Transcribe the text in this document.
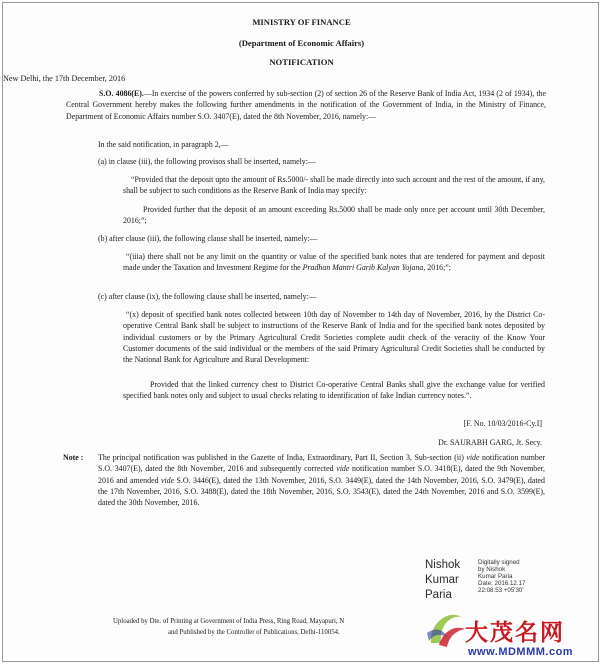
MINISTRY OF FINANCE
(Department of Economic Affairs)
NOTIFICATION
New Delhi, the 17th December, 2016
S.O. 4086(E).—In exercise of the powers conferred by sub-section (2) of section 26 of the Reserve Bank of India Act, 1934 (2 of 1934), the Central Government hereby makes the following further amendments in the notification of the Government of India, in the Ministry of Finance, Department of Economic Affairs number S.O. 3407(E), dated the 8th November, 2016, namely:—
In the said notification, in paragraph 2,—
(a) in clause (iii), the following provisos shall be inserted, namely:—
“Provided that the deposit upto the amount of Rs.5000/- shall be made directly into such account and the rest of the amount, if any, shall be subject to such conditions as the Reserve Bank of India may specify:
Provided further that the deposit of an amount exceeding Rs.5000 shall be made only once per account until 30th December, 2016;”;
(b) after clause (iii), the following clause shall be inserted, namely:—
“(iiia) there shall not be any limit on the quantity or value of the specified bank notes that are tendered for payment and deposit made under the Taxation and Investment Regime for the Pradhan Mantri Garib Kalyan Yojana, 2016;”;
(c) after clause (ix), the following clause shall be inserted, namely:—
“(x) deposit of specified bank notes collected between 10th day of November to 14th day of November, 2016, by the District Co-operative Central Bank shall be subject to instructions of the Reserve Bank of India and for the specified bank notes deposited by individual customers or by the Primary Agricultural Credit Societies complete audit check of the veracity of the Know Your Customer documents of the said individual or the members of the said Primary Agricultural Credit Societies shall be conducted by the National Bank for Agriculture and Rural Development:
Provided that the linked currency chest to District Co-operative Central Banks shall give the exchange value for verified specified bank notes only and subject to usual checks relating to identification of fake Indian currency notes.”.
[F. No. 10/03/2016-Cy.I]
Dr. SAURABH GARG, Jt. Secy.
Note :	The principal notification was published in the Gazette of India, Extraordinary, Part II, Section 3, Sub-section (ii) vide notification number S.O. 3407(E), dated the 8th November, 2016 and subsequently corrected vide notification number S.O. 3418(E), dated the 9th November, 2016 and amended vide S.O. 3446(E), dated the 13th November, 2016, S.O. 3449(E), dated the 14th November, 2016, S.O. 3479(E), dated the 17th November, 2016, S.O. 3488(E), dated the 18th November, 2016, S.O. 3543(E), dated the 24th November, 2016 and S.O. 3599(E), dated the 30th November, 2016.
Nishok
Kumar
Paria
Digitally signed
by Nishok
Kumar Paria
Date: 2016.12.17
22:08:53 +05'30'
Uploaded by Dte. of Printing at Government of India Press, Ring Road, Mayapuri, N
and Published by the Controller of Publications, Delhi-110054.	大茂名网
www.MDMMM.com
